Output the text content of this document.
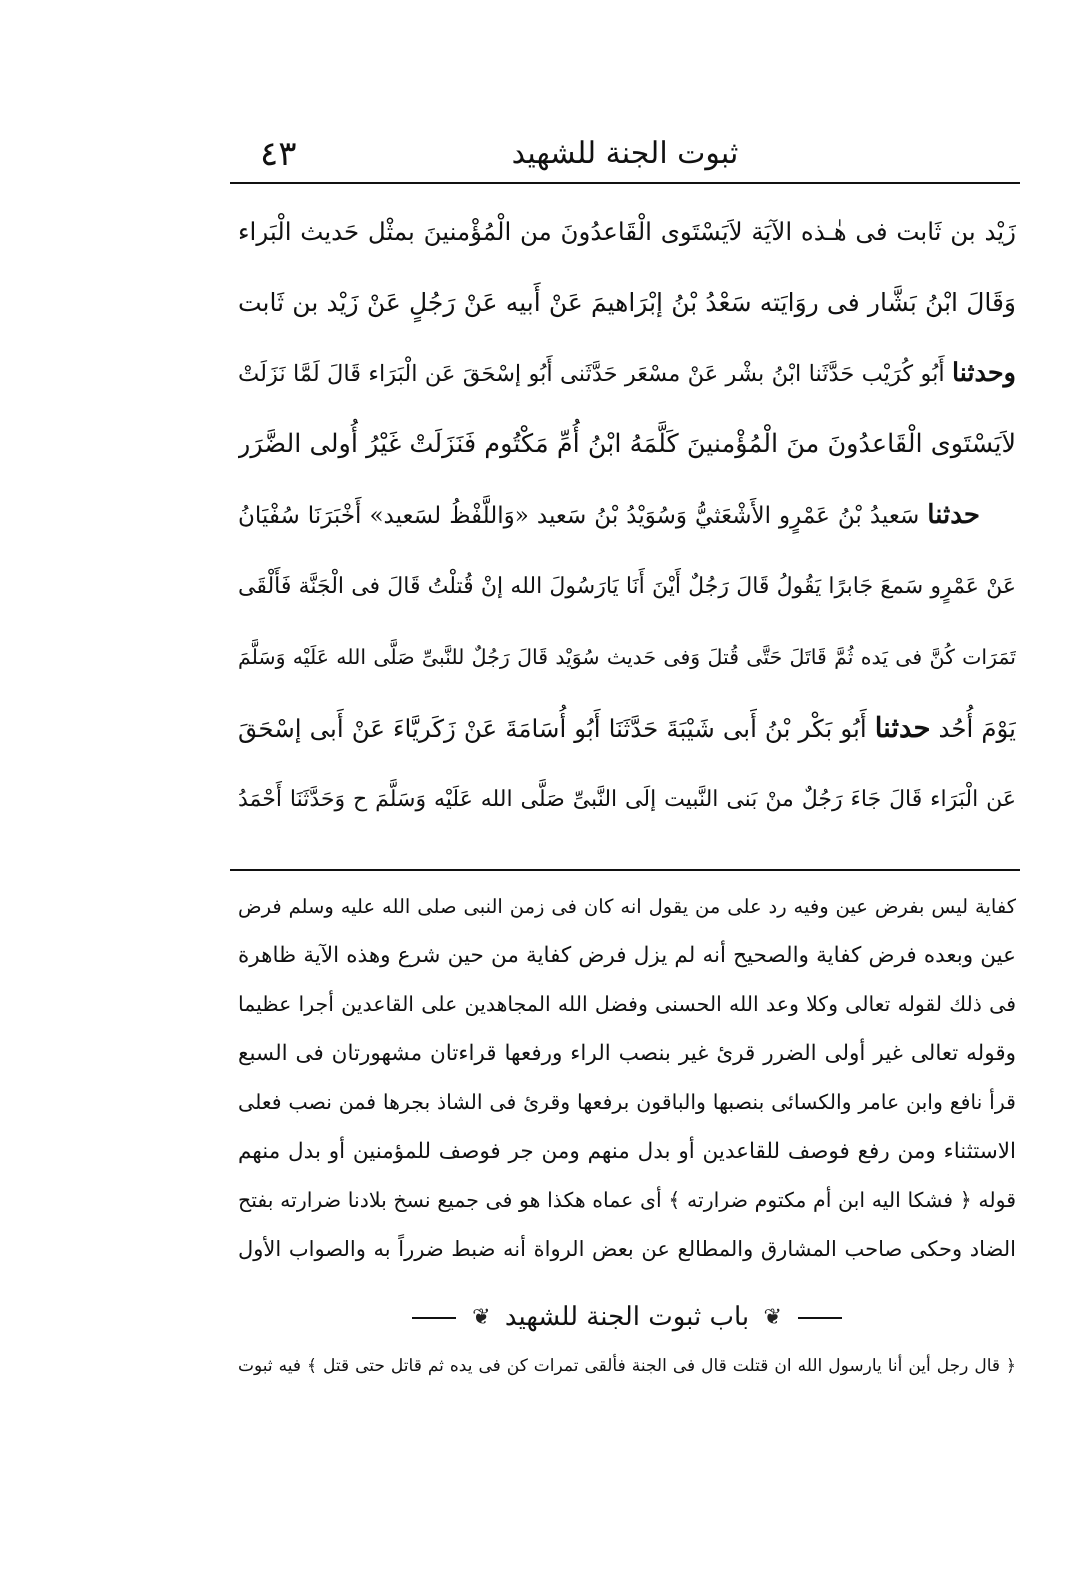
٤٣	ثبوت الجنة للشهيد
زَيْد بن ثَابت فى هٰـذه الآيَة لاَيَسْتَوى الْقَاعدُونَ من الْمُؤْمنينَ بمثْل حَديث الْبَراء
وَقَالَ ابْنُ بَشَّار فى روَايَته سَعْدُ بْنُ إبْرَاهيمَ عَنْ أَبيه عَنْ رَجُلٍ عَنْ زَيْد بن ثَابت
وحدثنا أَبُو كُرَيْب حَدَّثَنا ابْنُ بشْر عَنْ مسْعَر حَدَّثَنى أَبُو إسْحَقَ عَن الْبَرَاء قَالَ لَمَّا نَزَلَتْ
لاَيَسْتَوى الْقَاعدُونَ منَ الْمُؤْمنينَ كَلَّمَهُ ابْنُ أُمِّ مَكْتُوم فَنَزَلَتْ غَيْرُ أُولى الضَّرَر
حدثنا سَعيدُ بْنُ عَمْرٍو الأَشْعَثيُّ وَسُوَيْدُ بْنُ سَعيد «وَاللَّفْظُ لسَعيد» أَخْبَرَنَا سُفْيَانُ
عَنْ عَمْرٍو سَمعَ جَابرًا يَقُولُ قَالَ رَجُلٌ أَيْنَ أَنَا يَارَسُولَ الله إنْ قُتلْتُ قَالَ فى الْجَنَّة فَأَلْقَى
تَمَرَات كُنَّ فى يَده ثُمَّ قَاتَلَ حَتَّى قُتلَ وَفى حَديث سُوَيْد قَالَ رَجُلٌ للنَّبىِّ صَلَّى الله عَلَيْه وَسَلَّمَ
يَوْمَ أُحُد حدثنا أَبُو بَكْر بْنُ أَبى شَيْبَةَ حَدَّثَنَا أَبُو أُسَامَةَ عَنْ زَكَريَّاءَ عَنْ أَبى إسْحَقَ
عَن الْبَرَاء قَالَ جَاءَ رَجُلٌ منْ بَنى النَّبيت إلَى النَّبىِّ صَلَّى الله عَلَيْه وَسَلَّمَ ح وَحَدَّثَنَا أَحْمَدُ
كفاية ليس بفرض عين وفيه رد على من يقول انه كان فى زمن النبى صلى الله عليه وسلم فرض
عين وبعده فرض كفاية والصحيح أنه لم يزل فرض كفاية من حين شرع وهذه الآية ظاهرة
فى ذلك لقوله تعالى وكلا وعد الله الحسنى وفضل الله المجاهدين على القاعدين أجرا عظيما
وقوله تعالى غير أولى الضرر قرئ غير بنصب الراء ورفعها قراءتان مشهورتان فى السبع
قرأ نافع وابن عامر والكسائى بنصبها والباقون برفعها وقرئ فى الشاذ بجرها فمن نصب فعلى
الاستثناء ومن رفع فوصف للقاعدين أو بدل منهم ومن جر فوصف للمؤمنين أو بدل منهم
قوله ﴿ فشكا اليه ابن أم مكتوم ضرارته ﴾ أى عماه هكذا هو فى جميع نسخ بلادنا ضرارته بفتح
الضاد وحكى صاحب المشارق والمطالع عن بعض الرواة أنه ضبط ضرراً به والصواب الأول
❦ باب ثبوت الجنة للشهيد ❦
﴿ قال رجل أين أنا يارسول الله ان قتلت قال فى الجنة فألقى تمرات كن فى يده ثم قاتل حتى قتل ﴾ فيه ثبوت
